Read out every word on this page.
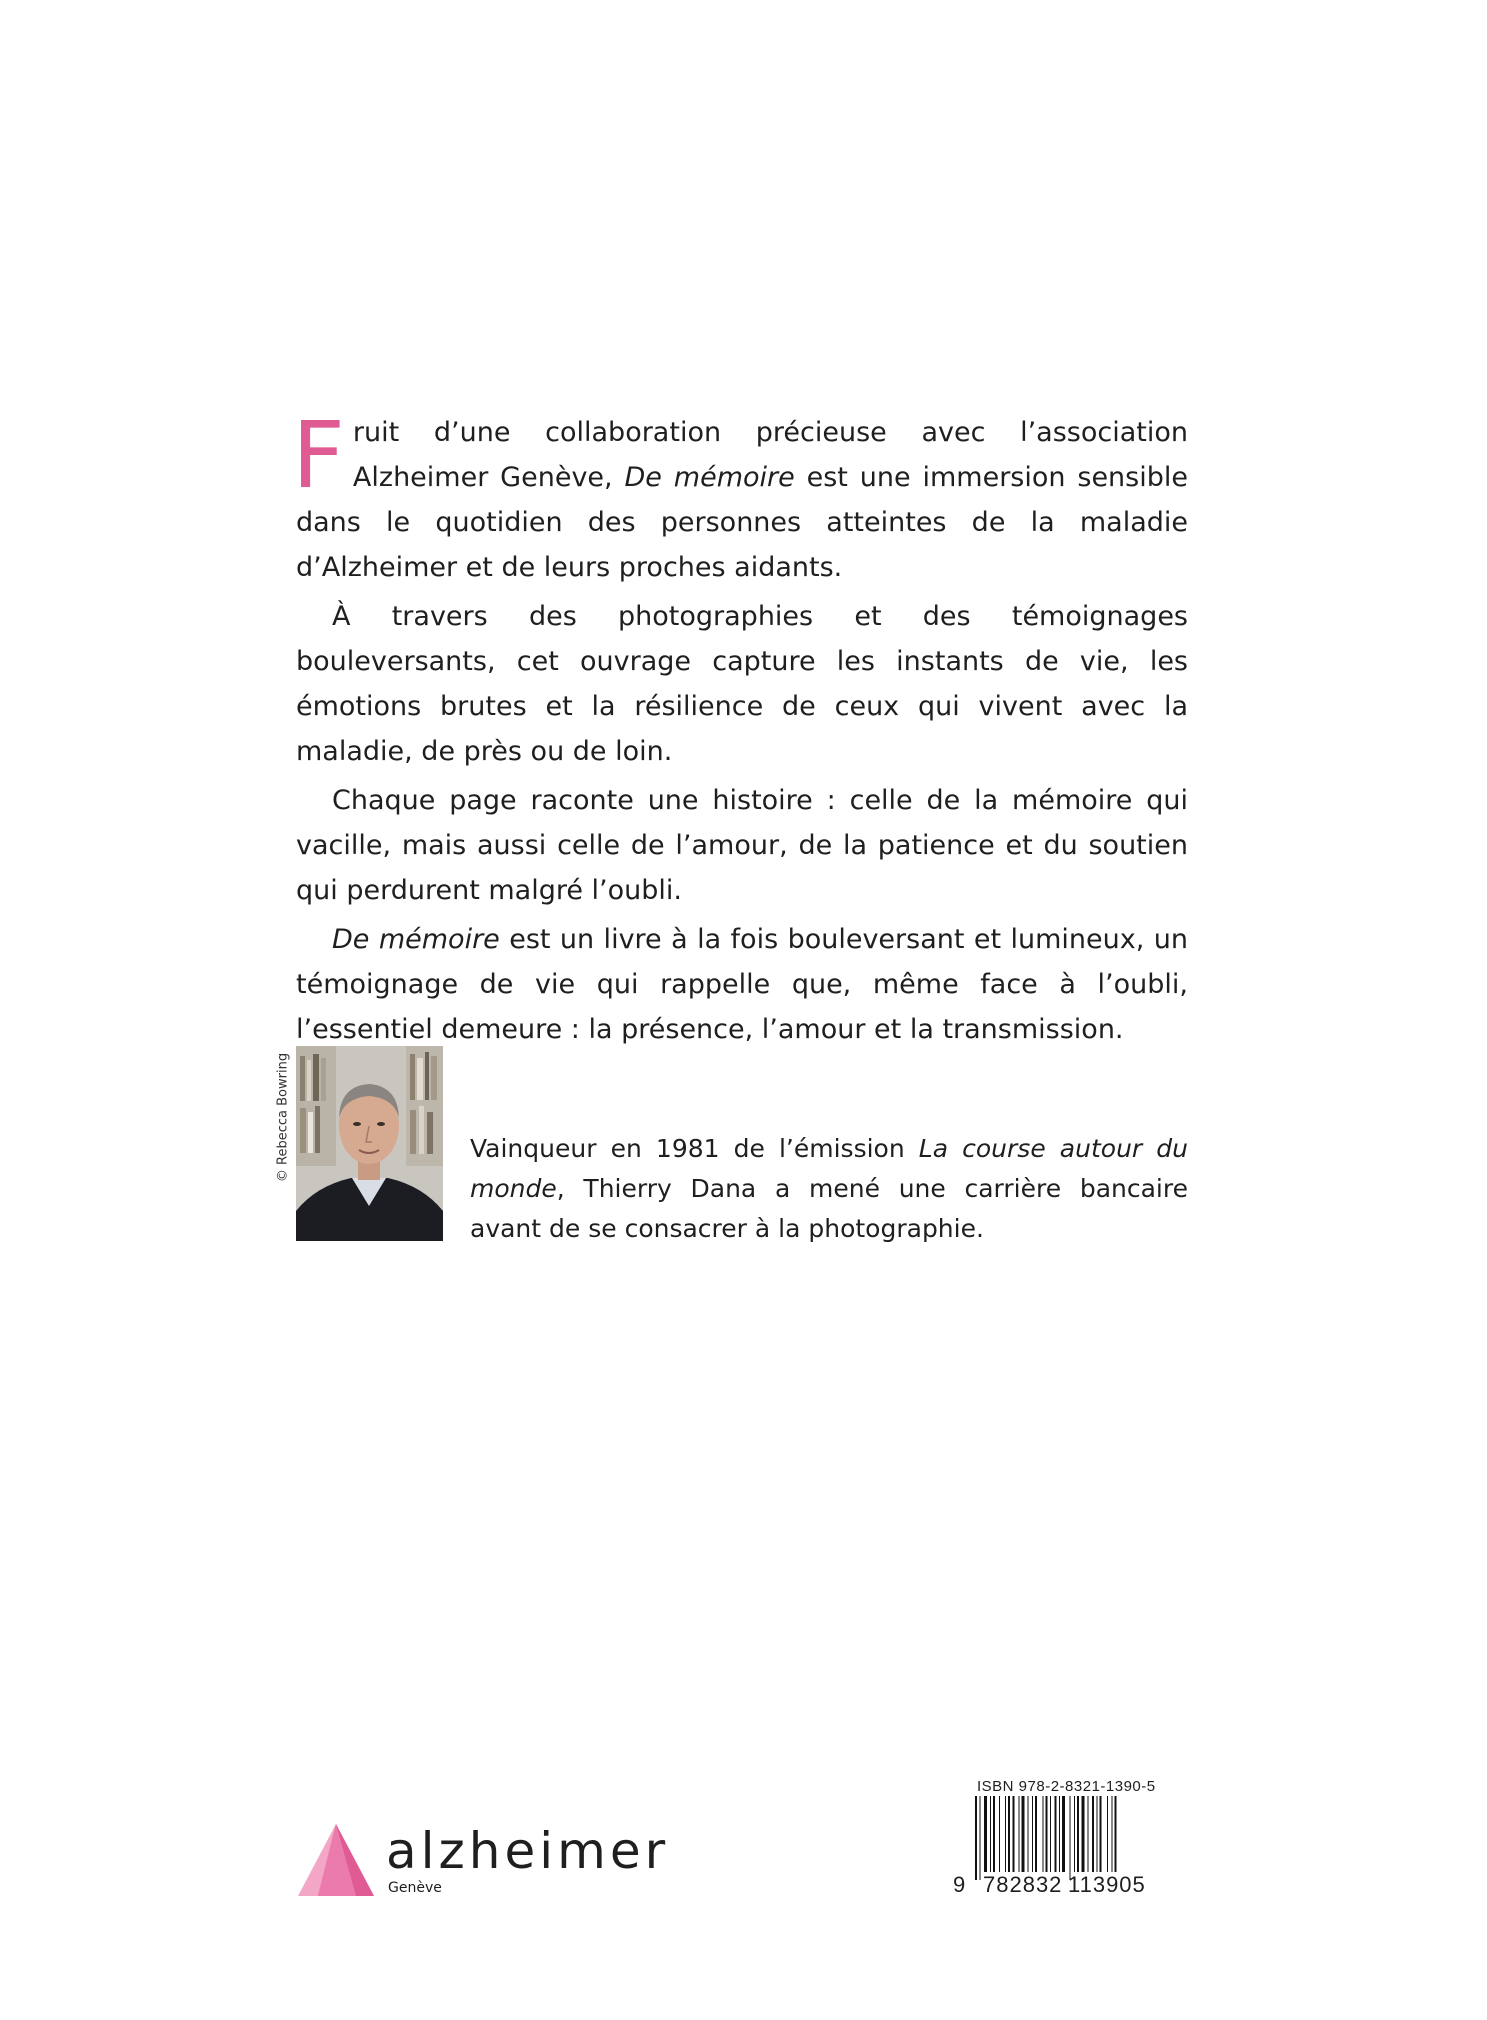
Fruit d’une collaboration précieuse avec l’association Alzheimer Genève, De mémoire est une immersion sensible dans le quotidien des personnes atteintes de la maladie d’Alzheimer et de leurs proches aidants.

À travers des photographies et des témoignages bouleversants, cet ouvrage capture les instants de vie, les émotions brutes et la résilience de ceux qui vivent avec la maladie, de près ou de loin.

Chaque page raconte une histoire : celle de la mémoire qui vacille, mais aussi celle de l’amour, de la patience et du soutien qui perdurent malgré l’oubli.

De mémoire est un livre à la fois bouleversant et lumineux, un témoignage de vie qui rappelle que, même face à l’oubli, l’essentiel demeure : la présence, l’amour et la transmission.

© Rebecca Bowring	Vainqueur en 1981 de l’émission La course autour du monde, Thierry Dana a mené une carrière bancaire avant de se consacrer à la photographie.

alzheimer
Genève
ISBN 978-2-8321-1390-5
9 782832 113905
